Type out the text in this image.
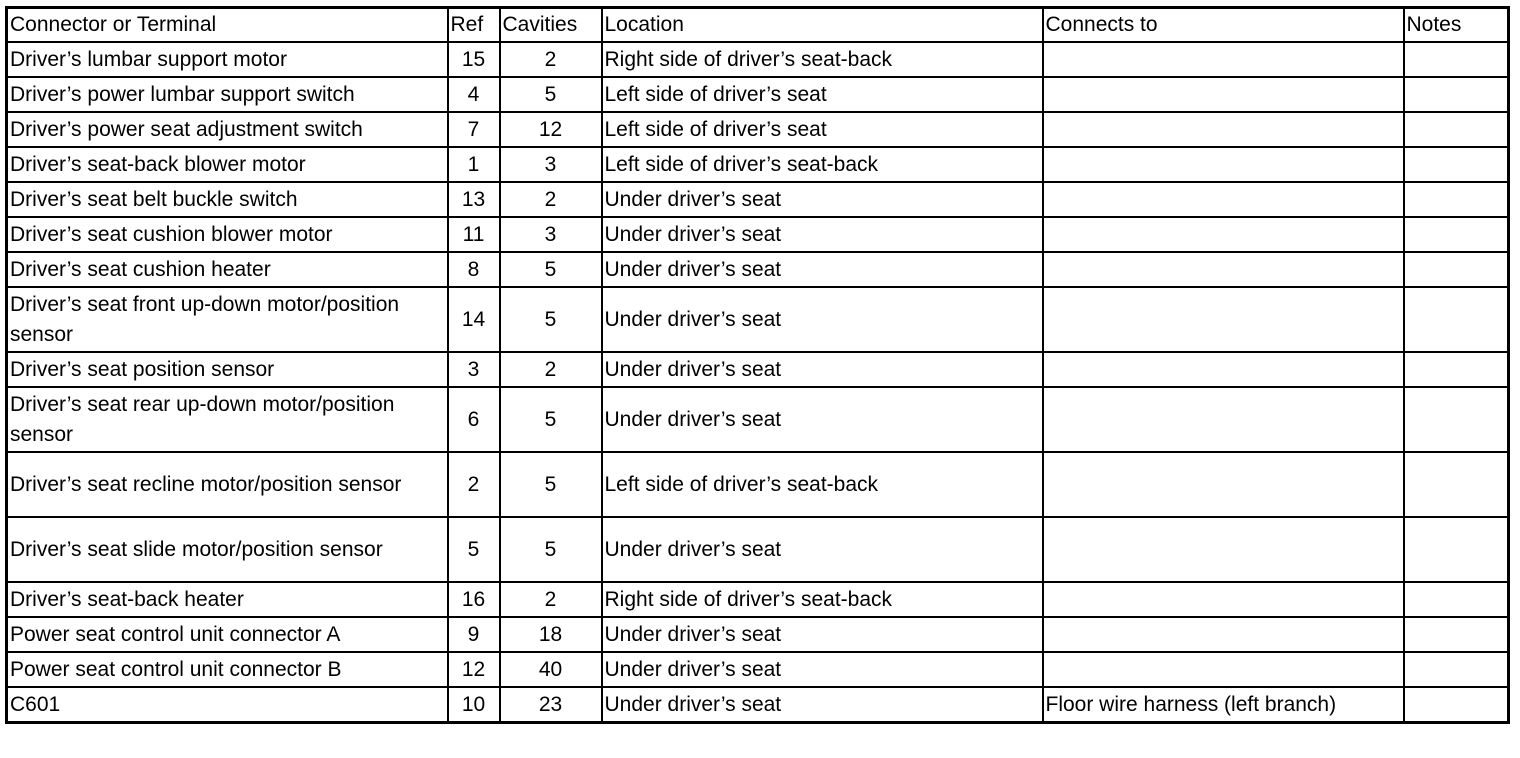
Connector or Terminal	Ref	Cavities	Location	Connects to	Notes
Driver’s lumbar support motor	15	2	Right side of driver’s seat-back		
Driver’s power lumbar support switch	4	5	Left side of driver’s seat		
Driver’s power seat adjustment switch	7	12	Left side of driver’s seat		
Driver’s seat-back blower motor	1	3	Left side of driver’s seat-back		
Driver’s seat belt buckle switch	13	2	Under driver’s seat		
Driver’s seat cushion blower motor	11	3	Under driver’s seat		
Driver’s seat cushion heater	8	5	Under driver’s seat		
Driver’s seat front up-down motor/position sensor	14	5	Under driver’s seat		
Driver’s seat position sensor	3	2	Under driver’s seat		
Driver’s seat rear up-down motor/position sensor	6	5	Under driver’s seat		
Driver’s seat recline motor/position sensor	2	5	Left side of driver’s seat-back		
Driver’s seat slide motor/position sensor	5	5	Under driver’s seat		
Driver’s seat-back heater	16	2	Right side of driver’s seat-back		
Power seat control unit connector A	9	18	Under driver’s seat		
Power seat control unit connector B	12	40	Under driver’s seat		
C601	10	23	Under driver’s seat	Floor wire harness (left branch)	
